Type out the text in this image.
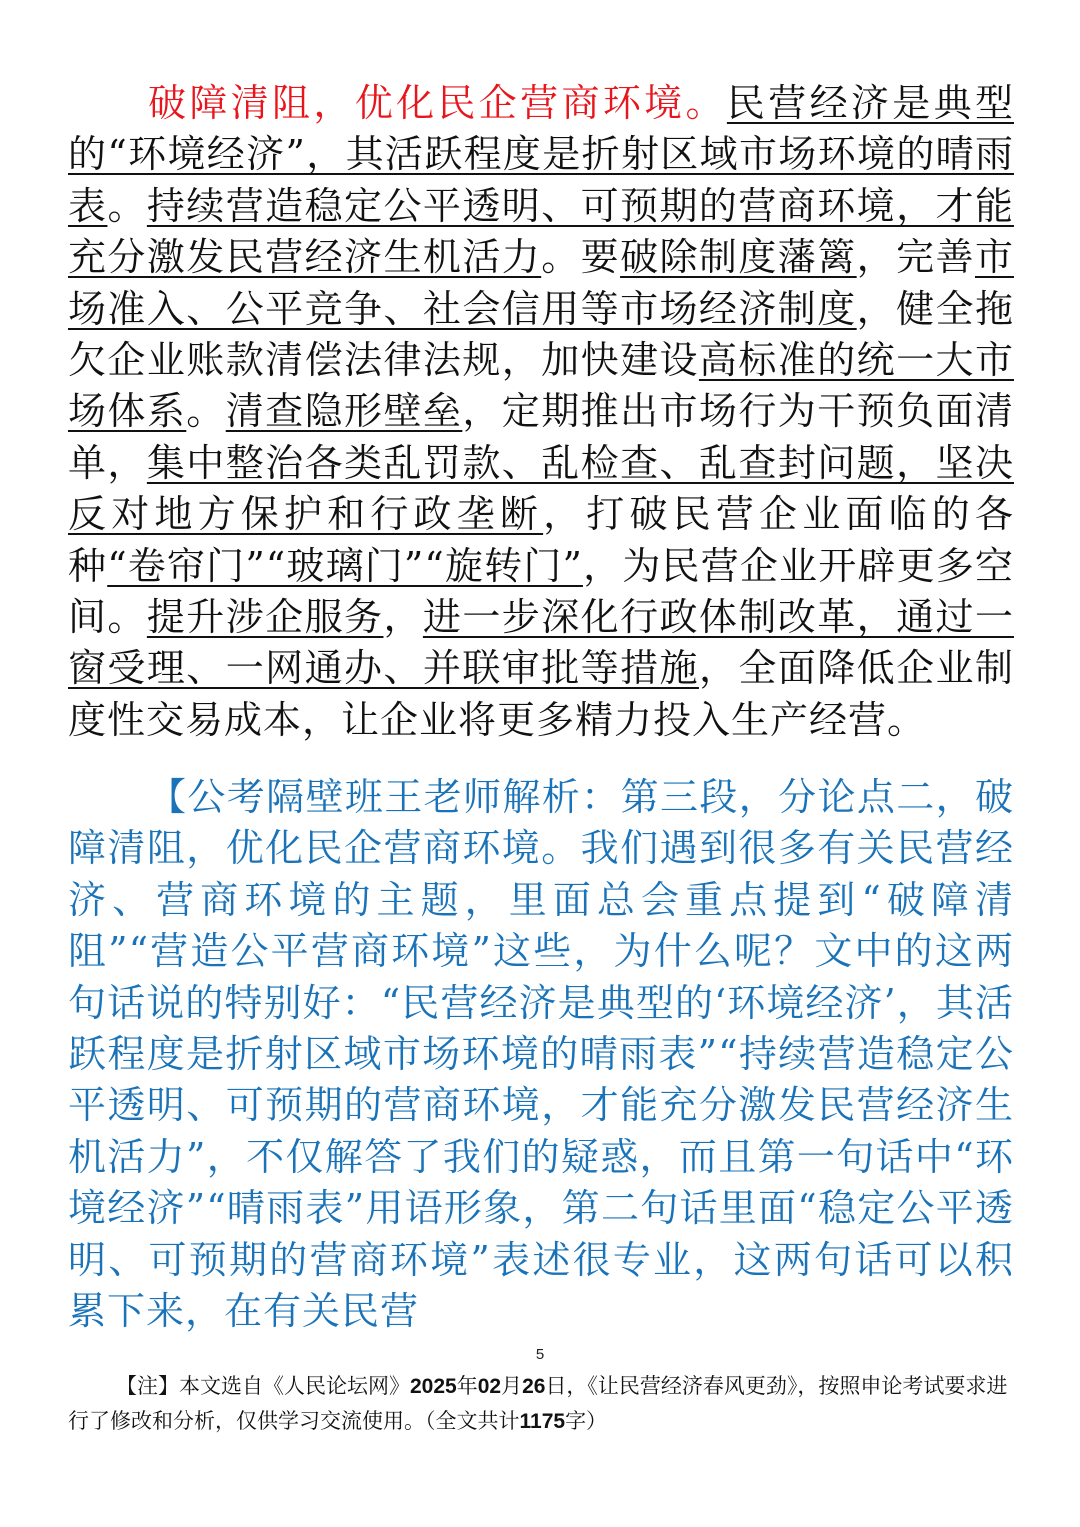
破障清阻，优化民企营商环境。民营经济是典型的“环境经济”，其活跃程度是折射区域市场环境的晴雨表。持续营造稳定公平透明、可预期的营商环境，才能充分激发民营经济生机活力。要破除制度藩篱，完善市场准入、公平竞争、社会信用等市场经济制度，健全拖欠企业账款清偿法律法规，加快建设高标准的统一大市场体系。清查隐形壁垒，定期推出市场行为干预负面清单，集中整治各类乱罚款、乱检查、乱查封问题，坚决反对地方保护和行政垄断，打破民营企业面临的各种“卷帘门”“玻璃门”“旋转门”，为民营企业开辟更多空间。提升涉企服务，进一步深化行政体制改革，通过一窗受理、一网通办、并联审批等措施，全面降低企业制度性交易成本，让企业将更多精力投入生产经营。
【公考隔壁班王老师解析：第三段，分论点二，破障清阻，优化民企营商环境。我们遇到很多有关民营经济、营商环境的主题，里面总会重点提到“破障清阻”“营造公平营商环境”这些，为什么呢？文中的这两句话说的特别好：“民营经济是典型的‘环境经济’，其活跃程度是折射区域市场环境的晴雨表”“持续营造稳定公平透明、可预期的营商环境，才能充分激发民营经济生机活力”，不仅解答了我们的疑惑，而且第一句话中“环境经济”“晴雨表”用语形象，第二句话里面“稳定公平透明、可预期的营商环境”表述很专业，这两句话可以积累下来，在有关民营
5
【注】本文选自《人民论坛网》2025年02月26日，《让民营经济春风更劲》，按照申论考试要求进行了修改和分析，仅供学习交流使用。（全文共计1175字）
